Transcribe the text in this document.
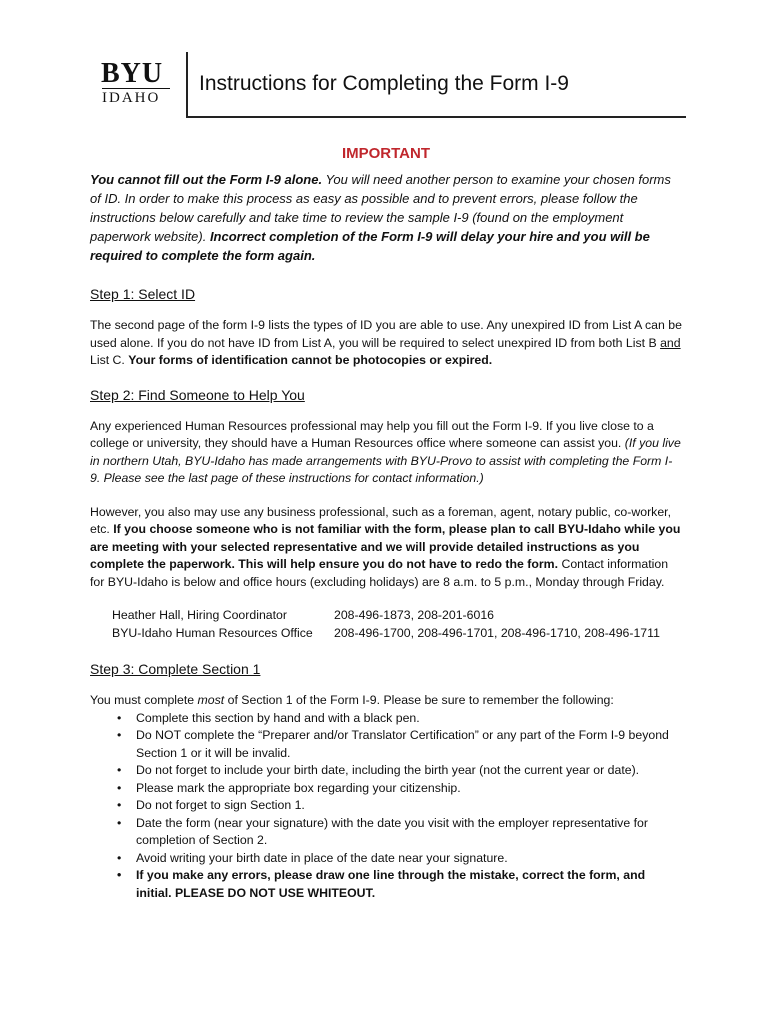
BYU
IDAHO
Instructions for Completing the Form I-9
IMPORTANT

You cannot fill out the Form I-9 alone. You will need another person to examine your chosen forms of ID. In order to make this process as easy as possible and to prevent errors, please follow the instructions below carefully and take time to review the sample I-9 (found on the employment paperwork website). Incorrect completion of the Form I-9 will delay your hire and you will be required to complete the form again.

Step 1: Select ID

The second page of the form I-9 lists the types of ID you are able to use. Any unexpired ID from List A can be used alone. If you do not have ID from List A, you will be required to select unexpired ID from both List B and List C. Your forms of identification cannot be photocopies or expired.

Step 2: Find Someone to Help You

Any experienced Human Resources professional may help you fill out the Form I-9. If you live close to a college or university, they should have a Human Resources office where someone can assist you. (If you live in northern Utah, BYU-Idaho has made arrangements with BYU-Provo to assist with completing the Form I-9. Please see the last page of these instructions for contact information.)

However, you also may use any business professional, such as a foreman, agent, notary public, co-worker, etc. If you choose someone who is not familiar with the form, please plan to call BYU-Idaho while you are meeting with your selected representative and we will provide detailed instructions as you complete the paperwork. This will help ensure you do not have to redo the form. Contact information for BYU-Idaho is below and office hours (excluding holidays) are 8 a.m. to 5 p.m., Monday through Friday.

Heather Hall, Hiring Coordinator	208-496-1873, 208-201-6016
BYU-Idaho Human Resources Office	208-496-1700, 208-496-1701, 208-496-1710, 208-496-1711
Step 3: Complete Section 1

You must complete most of Section 1 of the Form I-9. Please be sure to remember the following:

• Complete this section by hand and with a black pen.
• Do NOT complete the “Preparer and/or Translator Certification” or any part of the Form I-9 beyond Section 1 or it will be invalid.
• Do not forget to include your birth date, including the birth year (not the current year or date).
• Please mark the appropriate box regarding your citizenship.
• Do not forget to sign Section 1.
• Date the form (near your signature) with the date you visit with the employer representative for completion of Section 2.
• Avoid writing your birth date in place of the date near your signature.
• If you make any errors, please draw one line through the mistake, correct the form, and initial. PLEASE DO NOT USE WHITEOUT.
